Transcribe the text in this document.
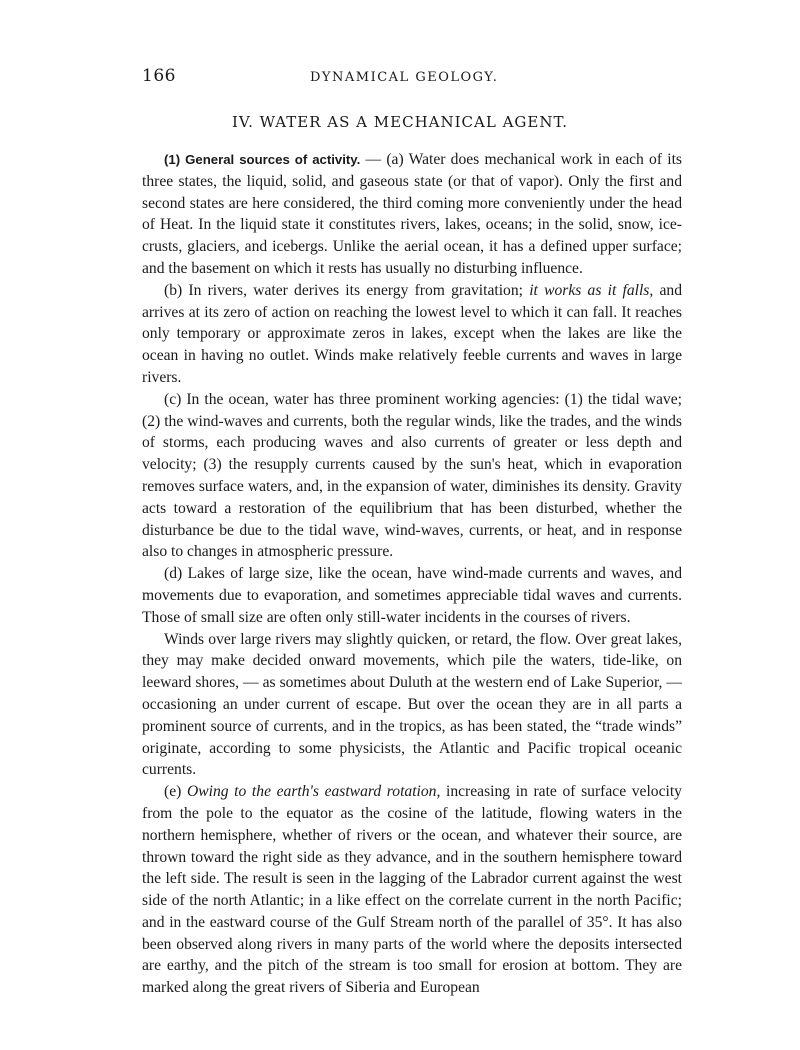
166	DYNAMICAL GEOLOGY.
IV. WATER AS A MECHANICAL AGENT.

(1) General sources of activity. — (a) Water does mechanical work in each of its three states, the liquid, solid, and gaseous state (or that of vapor). Only the first and second states are here considered, the third coming more conveniently under the head of Heat. In the liquid state it constitutes rivers, lakes, oceans; in the solid, snow, ice-crusts, glaciers, and icebergs. Unlike the aerial ocean, it has a defined upper surface; and the basement on which it rests has usually no disturbing influence.

(b) In rivers, water derives its energy from gravitation; it works as it falls, and arrives at its zero of action on reaching the lowest level to which it can fall. It reaches only temporary or approximate zeros in lakes, except when the lakes are like the ocean in having no outlet. Winds make relatively feeble currents and waves in large rivers.

(c) In the ocean, water has three prominent working agencies: (1) the tidal wave; (2) the wind-waves and currents, both the regular winds, like the trades, and the winds of storms, each producing waves and also currents of greater or less depth and velocity; (3) the resupply currents caused by the sun's heat, which in evaporation removes surface waters, and, in the expansion of water, diminishes its density. Gravity acts toward a restoration of the equilibrium that has been disturbed, whether the disturbance be due to the tidal wave, wind-waves, currents, or heat, and in response also to changes in atmospheric pressure.

(d) Lakes of large size, like the ocean, have wind-made currents and waves, and movements due to evaporation, and sometimes appreciable tidal waves and currents. Those of small size are often only still-water incidents in the courses of rivers.

Winds over large rivers may slightly quicken, or retard, the flow. Over great lakes, they may make decided onward movements, which pile the waters, tide-like, on leeward shores, — as sometimes about Duluth at the western end of Lake Superior, — occasioning an under current of escape. But over the ocean they are in all parts a prominent source of currents, and in the tropics, as has been stated, the “trade winds” originate, according to some physicists, the Atlantic and Pacific tropical oceanic currents.

(e) Owing to the earth's eastward rotation, increasing in rate of surface velocity from the pole to the equator as the cosine of the latitude, flowing waters in the northern hemisphere, whether of rivers or the ocean, and whatever their source, are thrown toward the right side as they advance, and in the southern hemisphere toward the left side. The result is seen in the lagging of the Labrador current against the west side of the north Atlantic; in a like effect on the correlate current in the north Pacific; and in the eastward course of the Gulf Stream north of the parallel of 35°. It has also been observed along rivers in many parts of the world where the deposits intersected are earthy, and the pitch of the stream is too small for erosion at bottom. They are marked along the great rivers of Siberia and European
